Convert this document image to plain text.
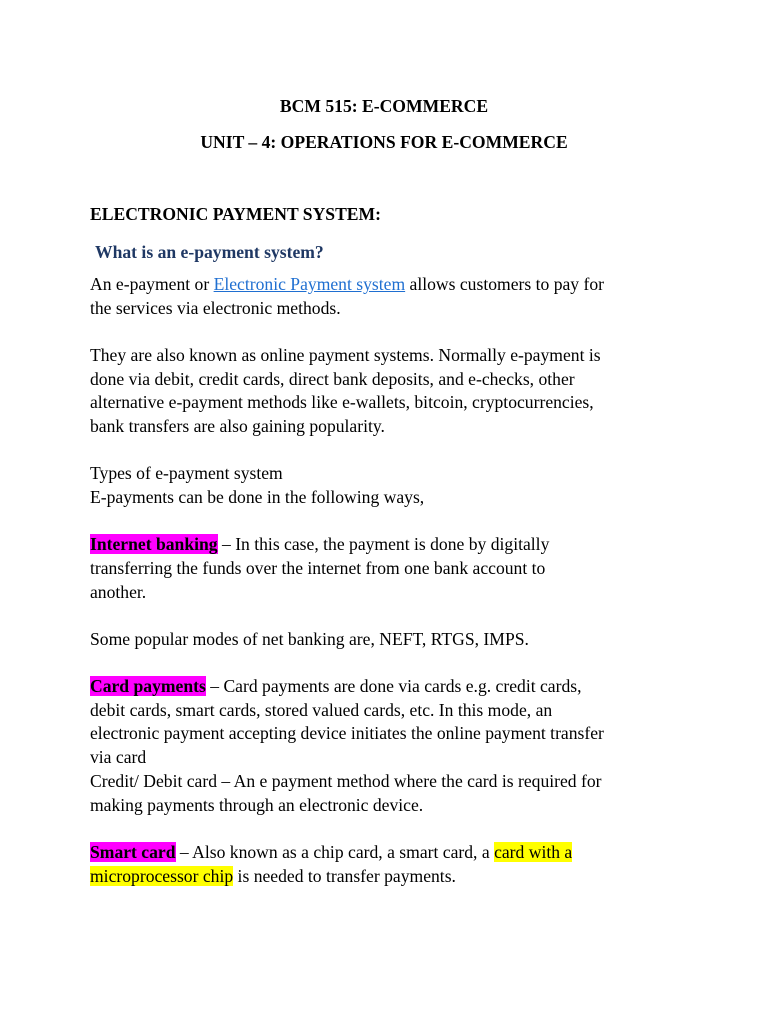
BCM 515: E-COMMERCE
UNIT – 4: OPERATIONS FOR E-COMMERCE
ELECTRONIC PAYMENT SYSTEM:
What is an e-payment system?
An e-payment or Electronic Payment system allows customers to pay for
the services via electronic methods.
They are also known as online payment systems. Normally e-payment is
done via debit, credit cards, direct bank deposits, and e-checks, other
alternative e-payment methods like e-wallets, bitcoin, cryptocurrencies,
bank transfers are also gaining popularity.
Types of e-payment system
E-payments can be done in the following ways,
Internet banking – In this case, the payment is done by digitally
transferring the funds over the internet from one bank account to
another.
Some popular modes of net banking are, NEFT, RTGS, IMPS.
Card payments – Card payments are done via cards e.g. credit cards,
debit cards, smart cards, stored valued cards, etc. In this mode, an
electronic payment accepting device initiates the online payment transfer
via card
Credit/ Debit card – An e payment method where the card is required for
making payments through an electronic device.
Smart card – Also known as a chip card, a smart card, a card with a
microprocessor chip is needed to transfer payments.
